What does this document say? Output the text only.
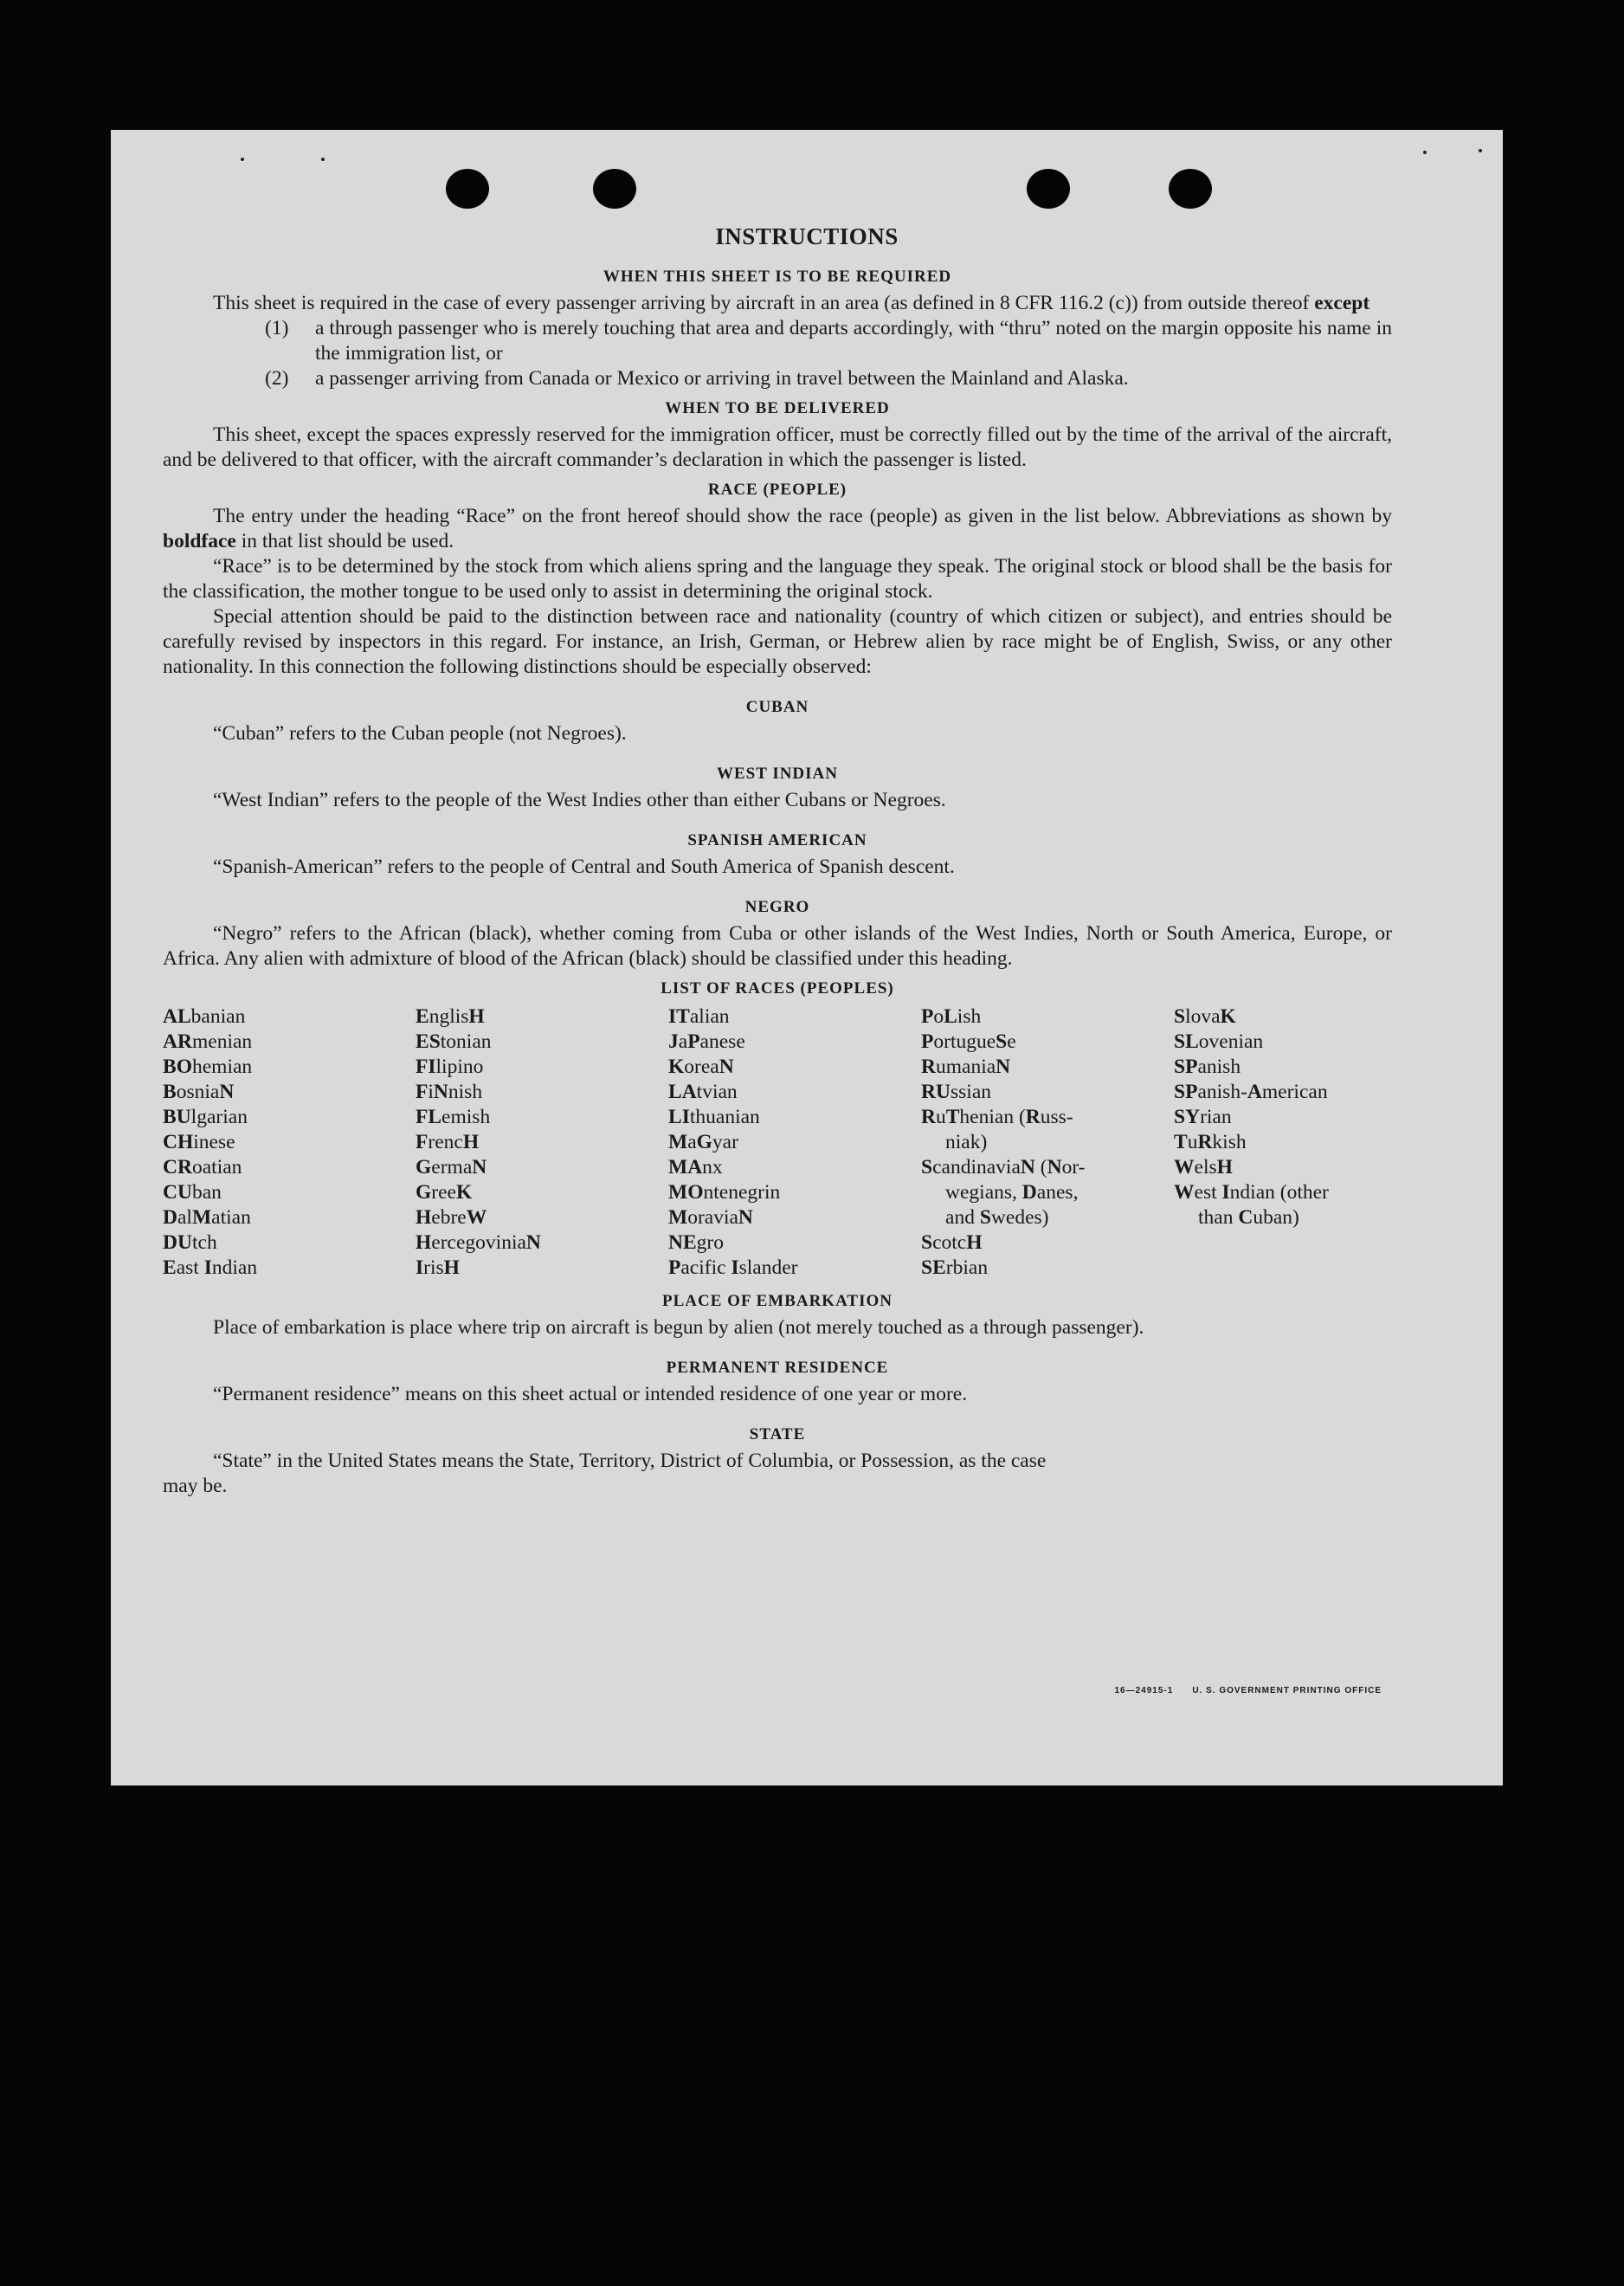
INSTRUCTIONS
WHEN THIS SHEET IS TO BE REQUIRED

This sheet is required in the case of every passenger arriving by aircraft in an area (as defined in 8 CFR 116.2 (c)) from outside thereof except

(1)	a through passenger who is merely touching that area and departs accordingly, with “thru” noted on the margin opposite his name in the immigration list, or
(2)	a passenger arriving from Canada or Mexico or arriving in travel between the Mainland and Alaska.
WHEN TO BE DELIVERED

This sheet, except the spaces expressly reserved for the immigration officer, must be correctly filled out by the time of the arrival of the aircraft, and be delivered to that officer, with the aircraft commander’s declaration in which the passenger is listed.

RACE (PEOPLE)

The entry under the heading “Race” on the front hereof should show the race (people) as given in the list below. Abbreviations as shown by boldface in that list should be used.

“Race” is to be determined by the stock from which aliens spring and the language they speak. The original stock or blood shall be the basis for the classification, the mother tongue to be used only to assist in determining the original stock.

Special attention should be paid to the distinction between race and nationality (country of which citizen or subject), and entries should be carefully revised by inspectors in this regard. For instance, an Irish, German, or Hebrew alien by race might be of English, Swiss, or any other nationality. In this connection the following distinctions should be especially observed:

CUBAN

“Cuban” refers to the Cuban people (not Negroes).

WEST INDIAN

“West Indian” refers to the people of the West Indies other than either Cubans or Negroes.

SPANISH AMERICAN

“Spanish-American” refers to the people of Central and South America of Spanish descent.

NEGRO

“Negro” refers to the African (black), whether coming from Cuba or other islands of the West Indies, North or South America, Europe, or Africa. Any alien with admixture of blood of the African (black) should be classified under this heading.

LIST OF RACES (PEOPLES)
ALbanian
ARmenian
BOhemian
BosniaN
BUlgarian
CHinese
CRoatian
CUban
DalMatian
DUtch
East Indian
EnglisH
EStonian
FIlipino
FiNnish
FLemish
FrencH
GermaN
GreeK
HebreW
HercegoviniaN
IrisH
ITalian
JaPanese
KoreaN
LAtvian
LIthuanian
MaGyar
MAnx
MOntenegrin
MoraviaN
NEgro
Pacific Islander
PoLish
PortugueSe
RumaniaN
RUssian
RuThenian (Russ-
niak)
ScandinaviaN (Nor-
wegians, Danes,
and Swedes)
ScotcH
SErbian
SlovaK
SLovenian
SPanish
SPanish-American
SYrian
TuRkish
WelsH
West Indian (other
than Cuban)
PLACE OF EMBARKATION

Place of embarkation is place where trip on aircraft is begun by alien (not merely touched as a through passenger).

PERMANENT RESIDENCE

“Permanent residence” means on this sheet actual or intended residence of one year or more.

STATE

“State” in the United States means the State, Territory, District of Columbia, or Possession, as the case

may be.
16—24915-1 U. S. GOVERNMENT PRINTING OFFICE
